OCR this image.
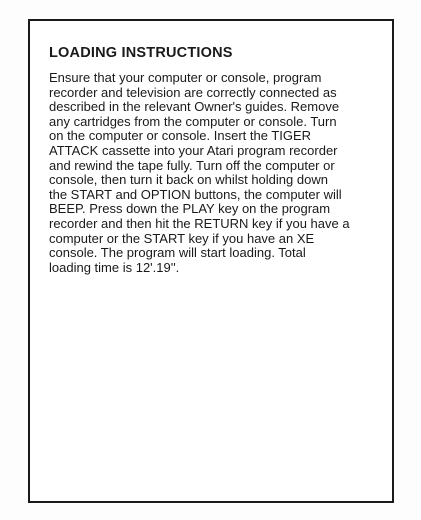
LOADING INSTRUCTIONS

Ensure that your computer or console, program
recorder and television are correctly connected as
described in the relevant Owner's guides. Remove
any cartridges from the computer or console. Turn
on the computer or console. Insert the TIGER
ATTACK cassette into your Atari program recorder
and rewind the tape fully. Turn off the computer or
console, then turn it back on whilst holding down
the START and OPTION buttons, the computer will
BEEP. Press down the PLAY key on the program
recorder and then hit the RETURN key if you have a
computer or the START key if you have an XE
console. The program will start loading. Total
loading time is 12'.19''.
